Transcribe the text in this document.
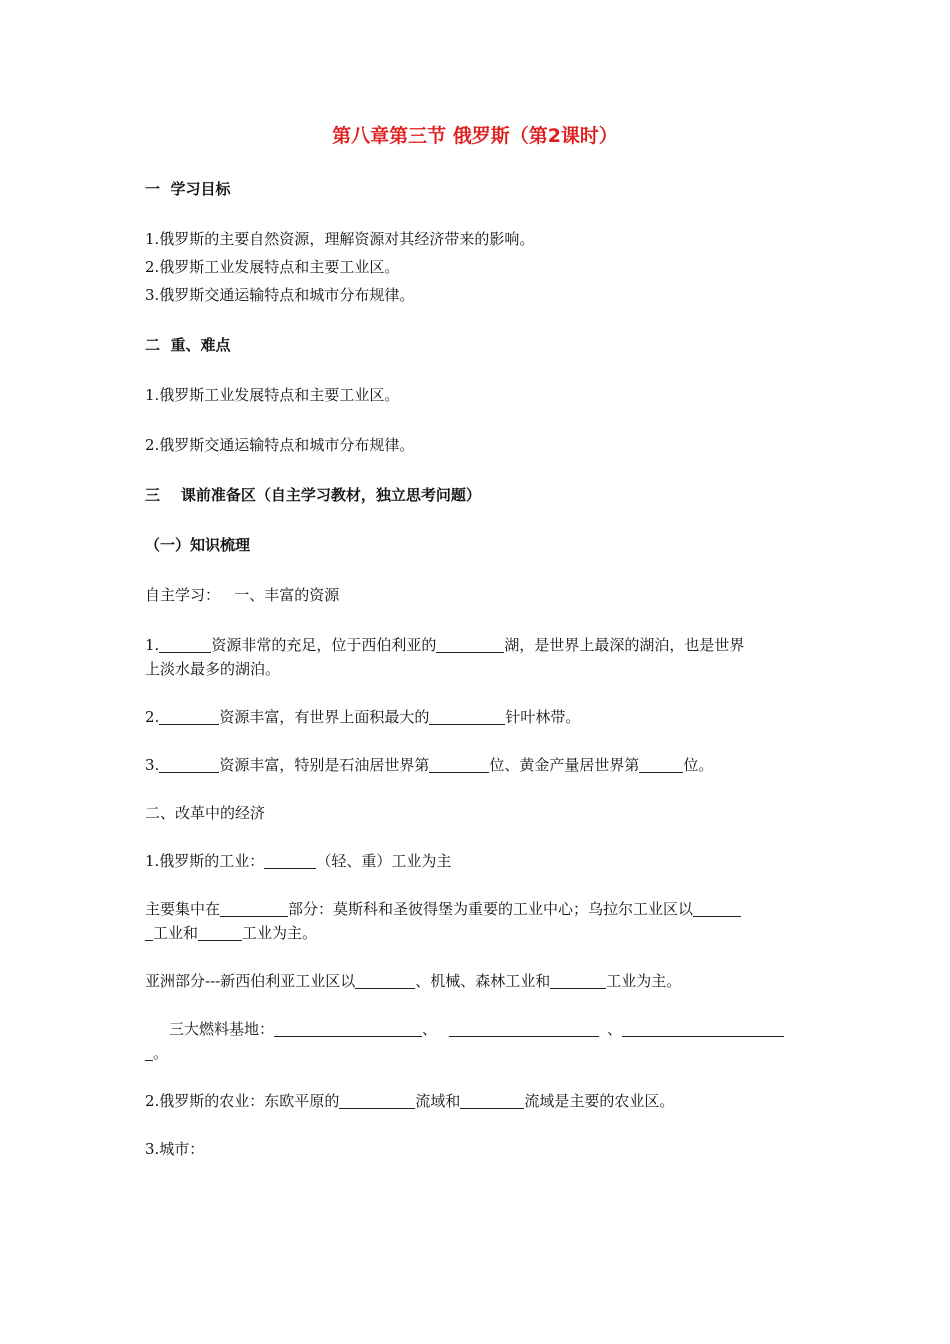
第八章第三节 俄罗斯（第2课时）
一  学习目标
1.俄罗斯的主要自然资源，理解资源对其经济带来的影响。
2.俄罗斯工业发展特点和主要工业区。
3.俄罗斯交通运输特点和城市分布规律。
二  重、难点
1.俄罗斯工业发展特点和主要工业区。
2.俄罗斯交通运输特点和城市分布规律。
三    课前准备区（自主学习教材，独立思考问题）
（一）知识梳理
自主学习：   一、丰富的资源
1.	资源非常的充足，位于西伯利亚的	湖，是世界上最深的湖泊，也是世界
上淡水最多的湖泊。
2.	资源丰富，有世界上面积最大的	针叶林带。
3.	资源丰富，特别是石油居世界第	位、黄金产量居世界第	位。
二、改革中的经济
1.俄罗斯的工业：	（轻、重）工业为主
主要集中在	部分：莫斯科和圣彼得堡为重要的工业中心；乌拉尔工业区以
工业和	工业为主。
亚洲部分---新西伯利亚工业区以	、机械、森林工业和	工业为主。
三大燃料基地：	、	、
。
2.俄罗斯的农业：东欧平原的	流域和	流域是主要的农业区。
3.城市：
